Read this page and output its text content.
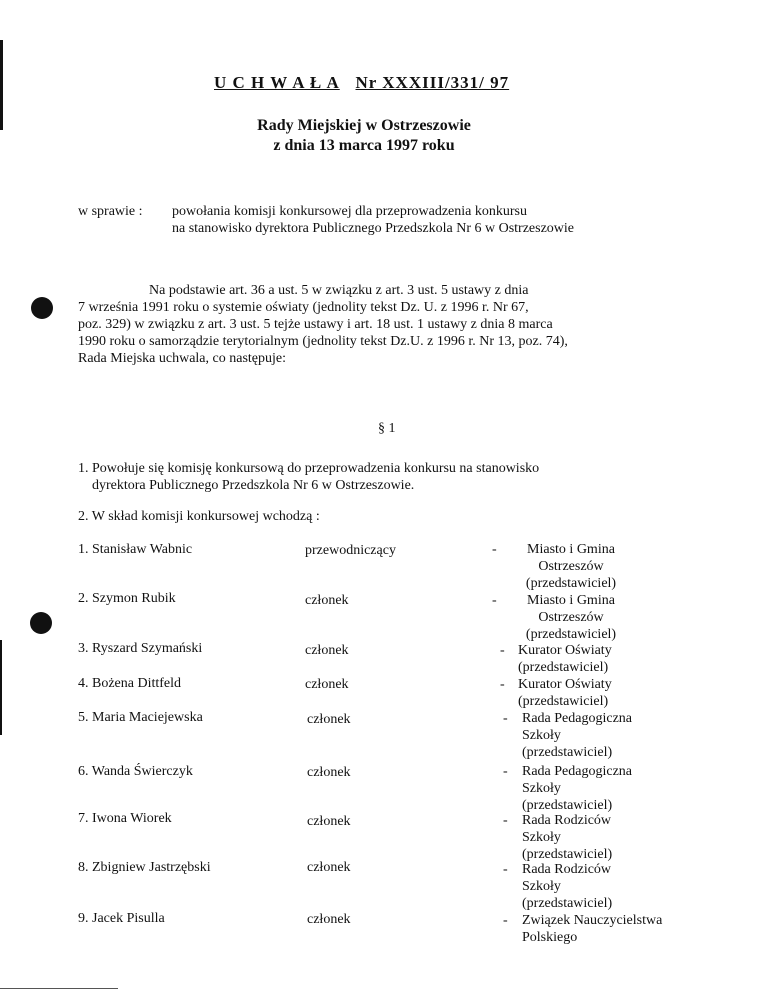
U C H W A Ł A Nr XXXIII/331/ 97
Rady Miejskiej w Ostrzeszowie
z dnia 13 marca 1997 roku
w sprawie : powołania komisji konkursowej dla przeprowadzenia konkursu
na stanowisko dyrektora Publicznego Przedszkola Nr 6 w Ostrzeszowie
Na podstawie art. 36 a ust. 5 w związku z art. 3 ust. 5 ustawy z dnia
7 września 1991 roku o systemie oświaty (jednolity tekst Dz. U. z 1996 r. Nr 67,
poz. 329) w związku z art. 3 ust. 5 tejże ustawy i art. 18 ust. 1 ustawy z dnia 8 marca
1990 roku o samorządzie terytorialnym (jednolity tekst Dz.U. z 1996 r. Nr 13, poz. 74),
Rada Miejska uchwala, co następuje:
§ 1
1. Powołuje się komisję konkursową do przeprowadzenia konkursu na stanowisko
dyrektora Publicznego Przedszkola Nr 6 w Ostrzeszowie.
2. W skład komisji konkursowej wchodzą :
1. Stanisław Wabnic	przewodniczący	-	Miasto i Gmina
Ostrzeszów
(przedstawiciel)
2. Szymon Rubik	członek	-	Miasto i Gmina
Ostrzeszów
(przedstawiciel)
3. Ryszard Szymański	członek	- Kurator Oświaty
(przedstawiciel)
4. Bożena Dittfeld	członek	- Kurator Oświaty
(przedstawiciel)
5. Maria Maciejewska	członek	- Rada Pedagogiczna
Szkoły
(przedstawiciel)
6. Wanda Świerczyk	członek	- Rada Pedagogiczna
Szkoły
(przedstawiciel)
7. Iwona Wiorek	członek	- Rada Rodziców
Szkoły
(przedstawiciel)
8. Zbigniew Jastrzębski	członek	- Rada Rodziców
Szkoły
(przedstawiciel)
9. Jacek Pisulla	członek	- Związek Nauczycielstwa
Polskiego
